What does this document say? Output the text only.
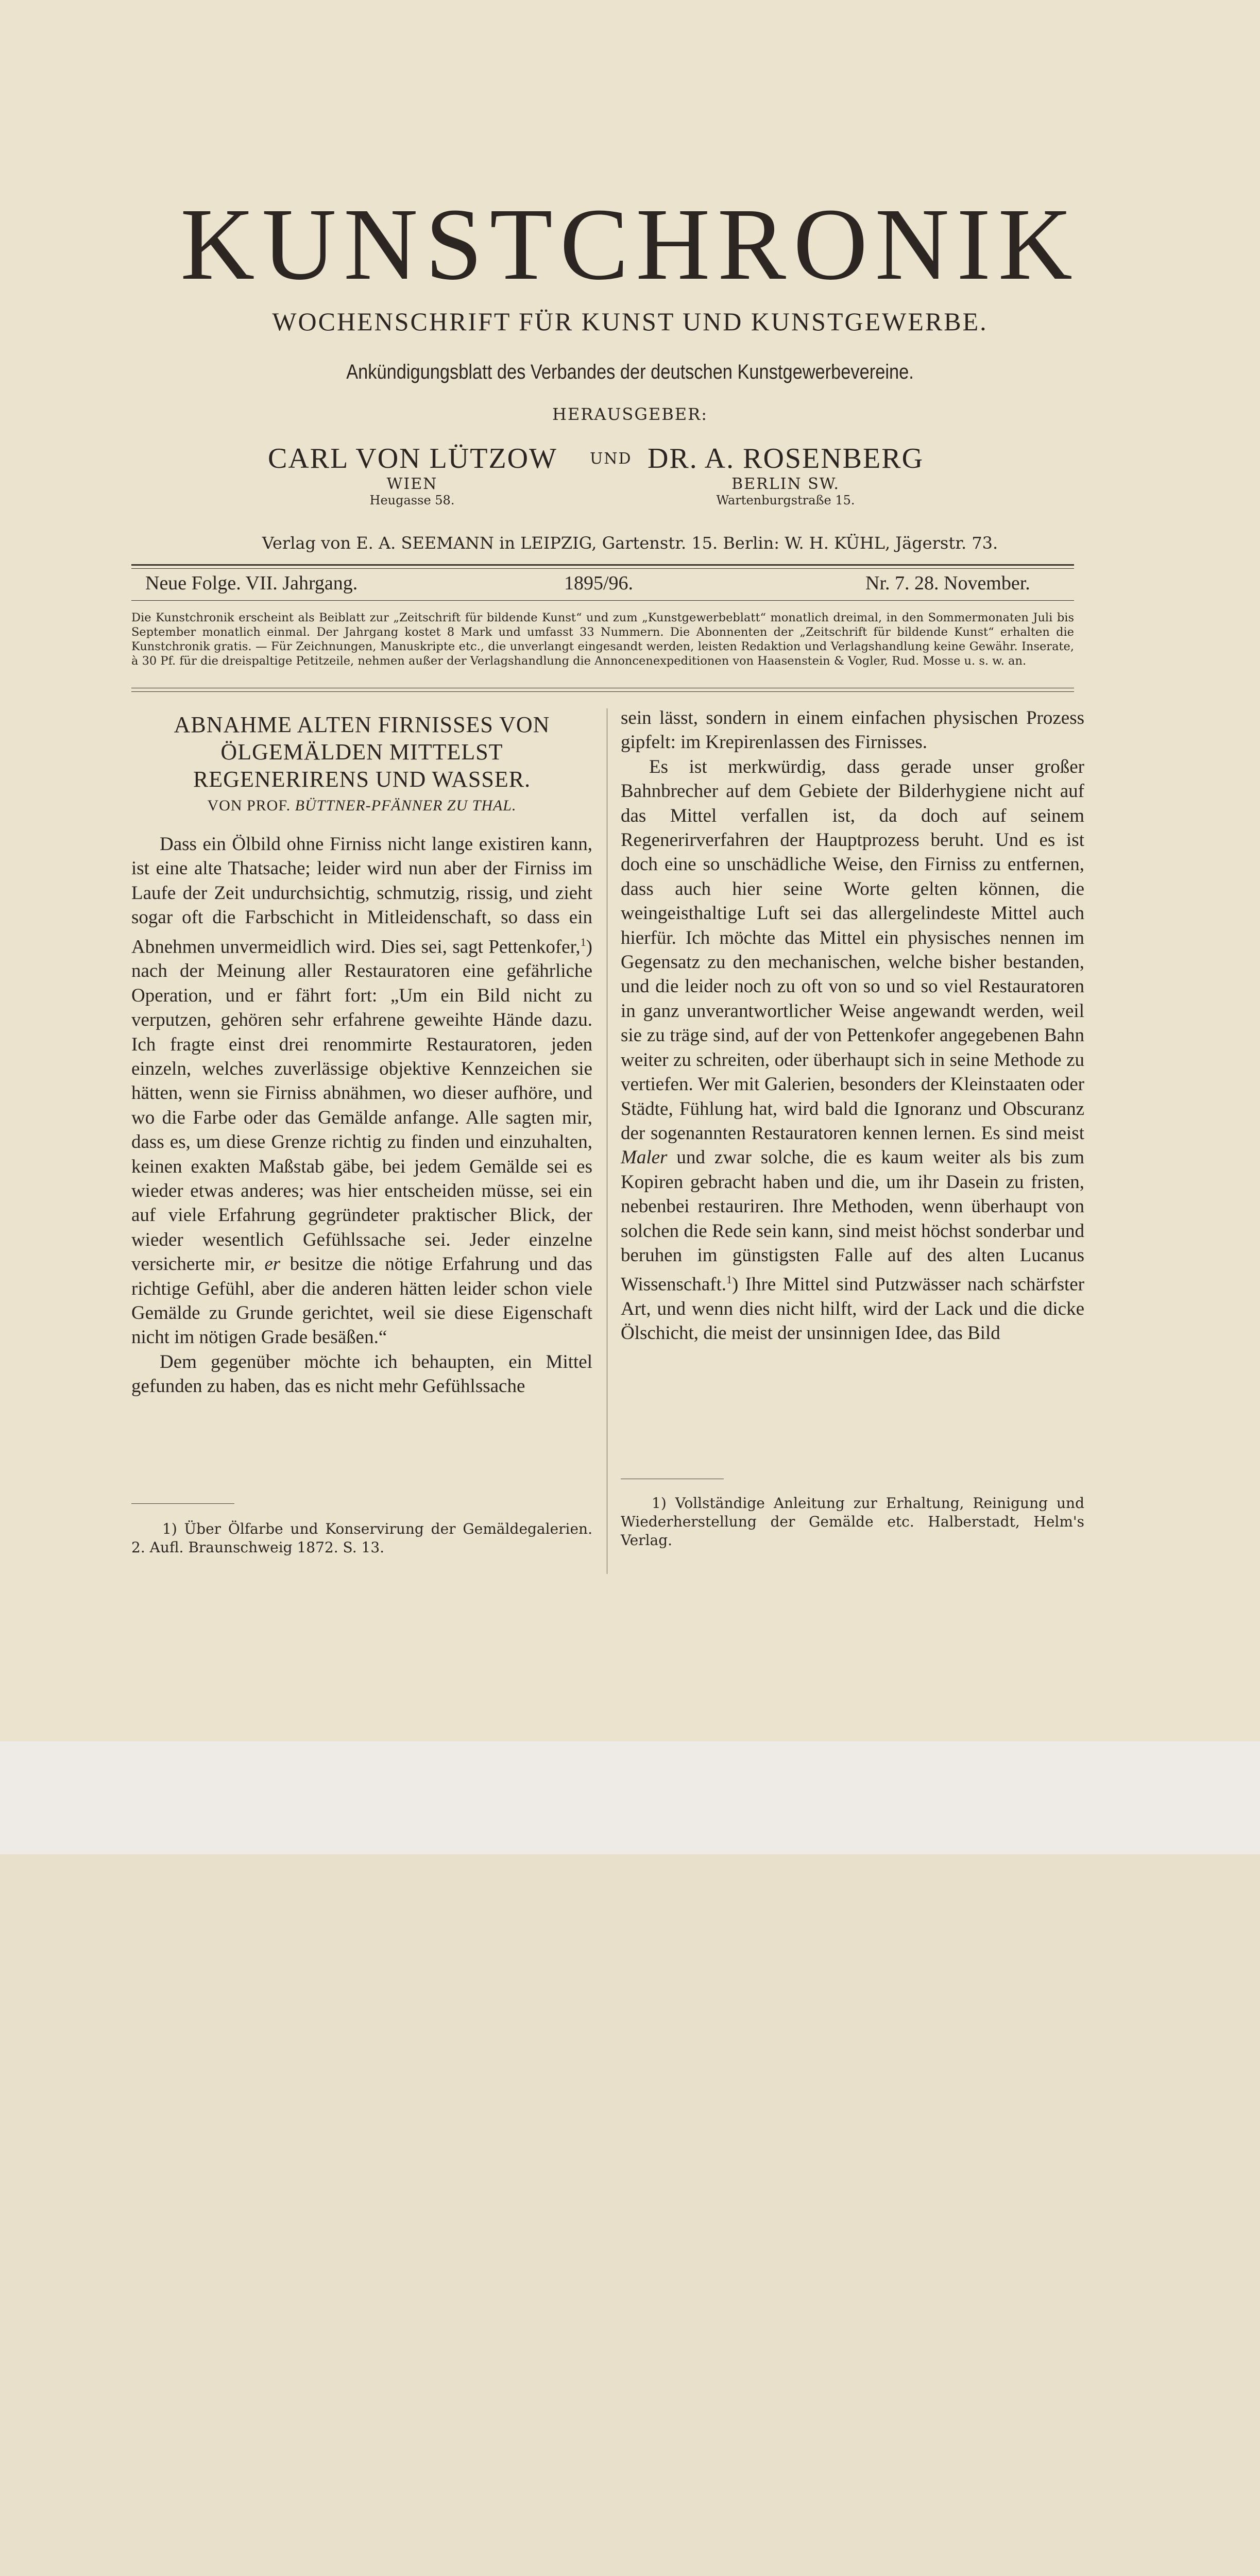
KUNSTCHRONIK
WOCHENSCHRIFT FÜR KUNST UND KUNSTGEWERBE.
Ankündigungsblatt des Verbandes der deutschen Kunstgewerbevereine.
HERAUSGEBER:
CARL VON LÜTZOW
WIEN
Heugasse 58.
UND DR. A. ROSENBERG
BERLIN SW.
Wartenburgstraße 15.
Verlag von E. A. SEEMANN in LEIPZIG, Gartenstr. 15. Berlin: W. H. KÜHL, Jägerstr. 73.
Neue Folge. VII. Jahrgang.	1895/96.	Nr. 7. 28. November.
Die Kunstchronik erscheint als Beiblatt zur „Zeitschrift für bildende Kunst“ und zum „Kunstgewerbeblatt“ monatlich dreimal, in den Sommermonaten Juli bis September monatlich einmal. Der Jahrgang kostet 8 Mark und umfasst 33 Nummern. Die Abonnenten der „Zeitschrift für bildende Kunst“ erhalten die Kunstchronik gratis. — Für Zeichnungen, Manuskripte etc., die unverlangt eingesandt werden, leisten Redaktion und Verlagshandlung keine Gewähr. Inserate, à 30 Pf. für die dreispaltige Petitzeile, nehmen außer der Verlagshandlung die Annoncenexpeditionen von Haasenstein & Vogler, Rud. Mosse u. s. w. an.
ABNAHME ALTEN FIRNISSES VON ÖLGEMÄLDEN MITTELST REGENERIRENS UND WASSER.
VON PROF. BÜTTNER-PFÄNNER ZU THAL.

Dass ein Ölbild ohne Firniss nicht lange existiren kann, ist eine alte Thatsache; leider wird nun aber der Firniss im Laufe der Zeit undurchsichtig, schmutzig, rissig, und zieht sogar oft die Farbschicht in Mitleidenschaft, so dass ein Abnehmen unvermeidlich wird. Dies sei, sagt Pettenkofer,$^1$) nach der Meinung aller Restauratoren eine gefährliche Operation, und er fährt fort: „Um ein Bild nicht zu verputzen, gehören sehr erfahrene geweihte Hände dazu. Ich fragte einst drei renommirte Restauratoren, jeden einzeln, welches zuverlässige objektive Kennzeichen sie hätten, wenn sie Firniss abnähmen, wo dieser aufhöre, und wo die Farbe oder das Gemälde anfange. Alle sagten mir, dass es, um diese Grenze richtig zu finden und einzuhalten, keinen exakten Maßstab gäbe, bei jedem Gemälde sei es wieder etwas anderes; was hier entscheiden müsse, sei ein auf viele Erfahrung gegründeter praktischer Blick, der wieder wesentlich Gefühlssache sei. Jeder einzelne versicherte mir, er besitze die nötige Erfahrung und das richtige Gefühl, aber die anderen hätten leider schon viele Gemälde zu Grunde gerichtet, weil sie diese Eigenschaft nicht im nötigen Grade besäßen.“

Dem gegenüber möchte ich behaupten, ein Mittel gefunden zu haben, das es nicht mehr Gefühlssache

sein lässt, sondern in einem einfachen physischen Prozess gipfelt: im Krepirenlassen des Firnisses.

Es ist merkwürdig, dass gerade unser großer Bahnbrecher auf dem Gebiete der Bilderhygiene nicht auf das Mittel verfallen ist, da doch auf seinem Regenerirverfahren der Hauptprozess beruht. Und es ist doch eine so unschädliche Weise, den Firniss zu entfernen, dass auch hier seine Worte gelten können, die weingeisthaltige Luft sei das allergelindeste Mittel auch hierfür. Ich möchte das Mittel ein physisches nennen im Gegensatz zu den mechanischen, welche bisher bestanden, und die leider noch zu oft von so und so viel Restauratoren in ganz unverantwortlicher Weise angewandt werden, weil sie zu träge sind, auf der von Pettenkofer angegebenen Bahn weiter zu schreiten, oder überhaupt sich in seine Methode zu vertiefen. Wer mit Galerien, besonders der Kleinstaaten oder Städte, Fühlung hat, wird bald die Ignoranz und Obscuranz der sogenannten Restauratoren kennen lernen. Es sind meist Maler und zwar solche, die es kaum weiter als bis zum Kopiren gebracht haben und die, um ihr Dasein zu fristen, nebenbei restauriren. Ihre Methoden, wenn überhaupt von solchen die Rede sein kann, sind meist höchst sonderbar und beruhen im günstigsten Falle auf des alten Lucanus Wissenschaft.$^1$) Ihre Mittel sind Putzwässer nach schärfster Art, und wenn dies nicht hilft, wird der Lack und die dicke Ölschicht, die meist der unsinnigen Idee, das Bild

1) Über Ölfarbe und Konservirung der Gemäldegalerien. 2. Aufl. Braunschweig 1872. S. 13.
1) Vollständige Anleitung zur Erhaltung, Reinigung und Wiederherstellung der Gemälde etc. Halberstadt, Helm's Verlag.
